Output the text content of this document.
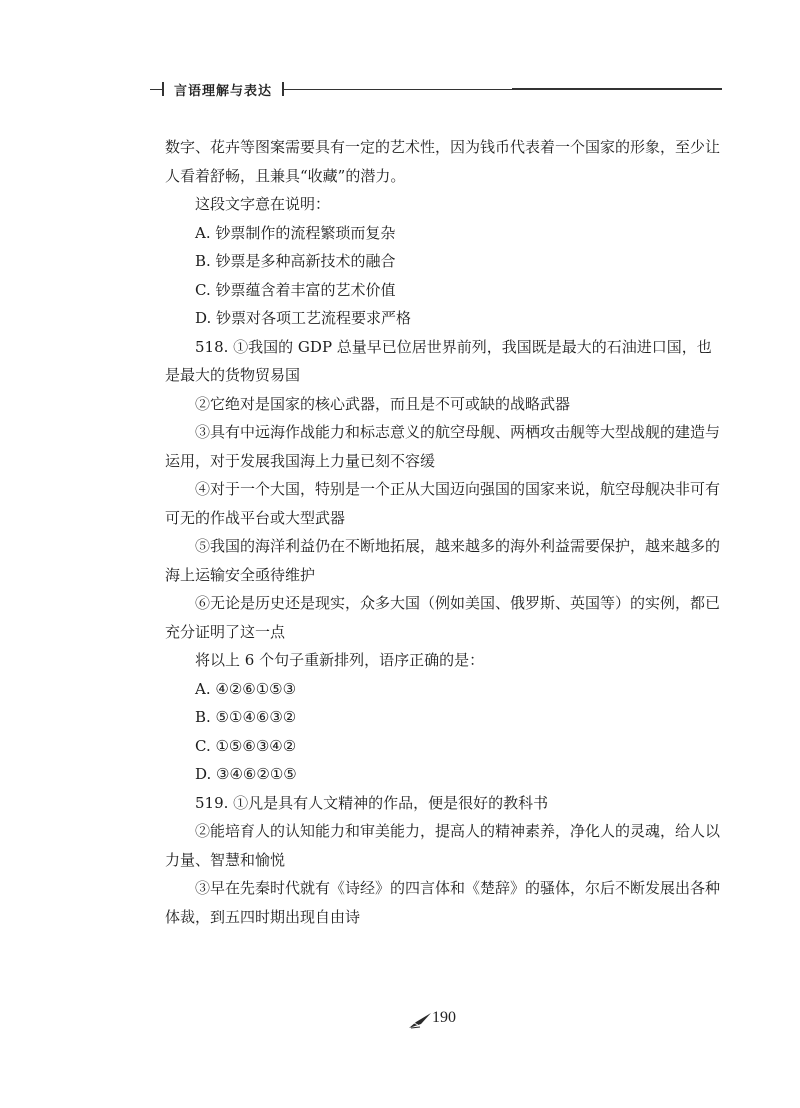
言语理解与表达

数字、花卉等图案需要具有一定的艺术性，因为钱币代表着一个国家的形象，至少让人看着舒畅，且兼具“收藏”的潜力。

这段文字意在说明：

A. 钞票制作的流程繁琐而复杂

B. 钞票是多种高新技术的融合

C. 钞票蕴含着丰富的艺术价值

D. 钞票对各项工艺流程要求严格

518. ①我国的 GDP 总量早已位居世界前列，我国既是最大的石油进口国，也是最大的货物贸易国

②它绝对是国家的核心武器，而且是不可或缺的战略武器

③具有中远海作战能力和标志意义的航空母舰、两栖攻击舰等大型战舰的建造与运用，对于发展我国海上力量已刻不容缓

④对于一个大国，特别是一个正从大国迈向强国的国家来说，航空母舰决非可有可无的作战平台或大型武器

⑤我国的海洋利益仍在不断地拓展，越来越多的海外利益需要保护，越来越多的海上运输安全亟待维护

⑥无论是历史还是现实，众多大国（例如美国、俄罗斯、英国等）的实例，都已充分证明了这一点

将以上 6 个句子重新排列，语序正确的是：

A. ④②⑥①⑤③

B. ⑤①④⑥③②

C. ①⑤⑥③④②

D. ③④⑥②①⑤

519. ①凡是具有人文精神的作品，便是很好的教科书

②能培育人的认知能力和审美能力，提高人的精神素养，净化人的灵魂，给人以力量、智慧和愉悦

③早在先秦时代就有《诗经》的四言体和《楚辞》的骚体，尔后不断发展出各种体裁，到五四时期出现自由诗

190
